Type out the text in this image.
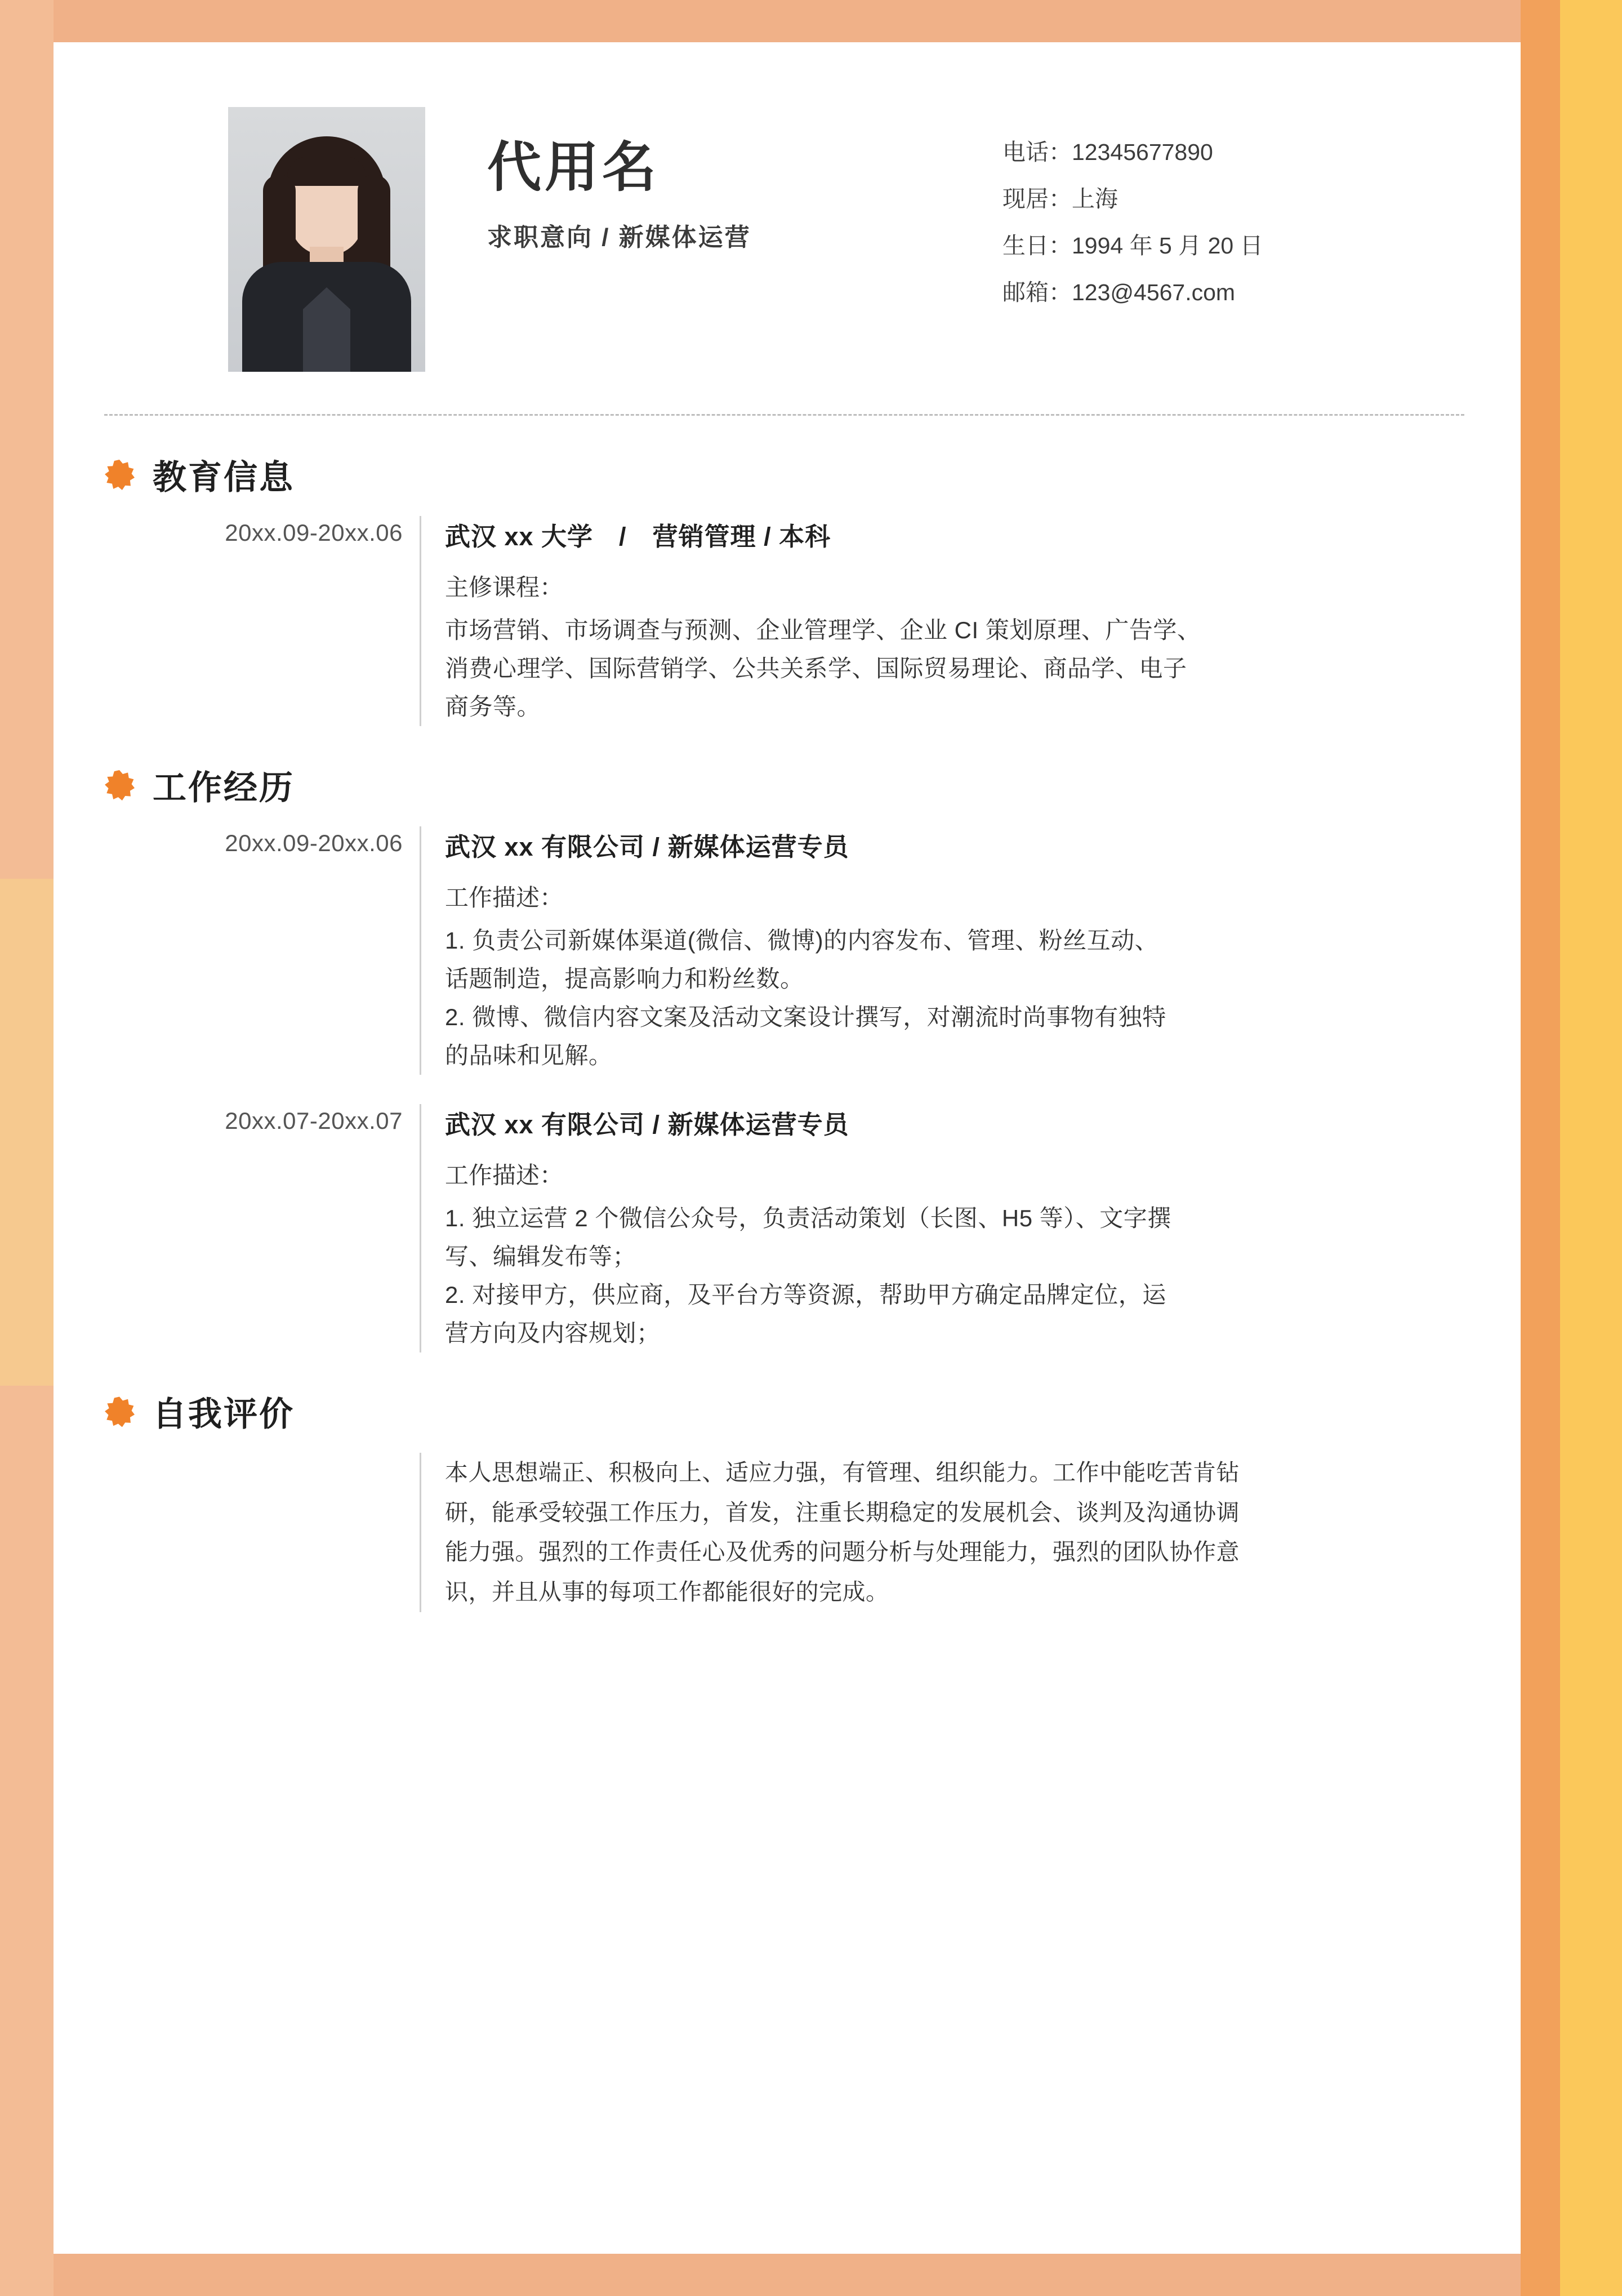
代用名
求职意向 / 新媒体运营
电话：12345677890
现居：上海
生日：1994 年 5 月 20 日
邮箱：123@4567.com
教育信息
20xx.09-20xx.06	武汉 xx 大学　/　营销管理 / 本科
主修课程：
市场营销、市场调查与预测、企业管理学、企业 CI 策划原理、广告学、
消费心理学、国际营销学、公共关系学、国际贸易理论、商品学、电子
商务等。
工作经历
20xx.09-20xx.06	武汉 xx 有限公司 / 新媒体运营专员
工作描述：
1. 负责公司新媒体渠道(微信、微博)的内容发布、管理、粉丝互动、
话题制造，提高影响力和粉丝数。
2. 微博、微信内容文案及活动文案设计撰写，对潮流时尚事物有独特
的品味和见解。
20xx.07-20xx.07	武汉 xx 有限公司 / 新媒体运营专员
工作描述：
1. 独立运营 2 个微信公众号，负责活动策划（长图、H5 等）、文字撰
写、编辑发布等；
2. 对接甲方，供应商，及平台方等资源，帮助甲方确定品牌定位，运
营方向及内容规划；
自我评价
本人思想端正、积极向上、适应力强，有管理、组织能力。工作中能吃苦肯钻
研，能承受较强工作压力，首发，注重长期稳定的发展机会、谈判及沟通协调
能力强。强烈的工作责任心及优秀的问题分析与处理能力，强烈的团队协作意
识，并且从事的每项工作都能很好的完成。
